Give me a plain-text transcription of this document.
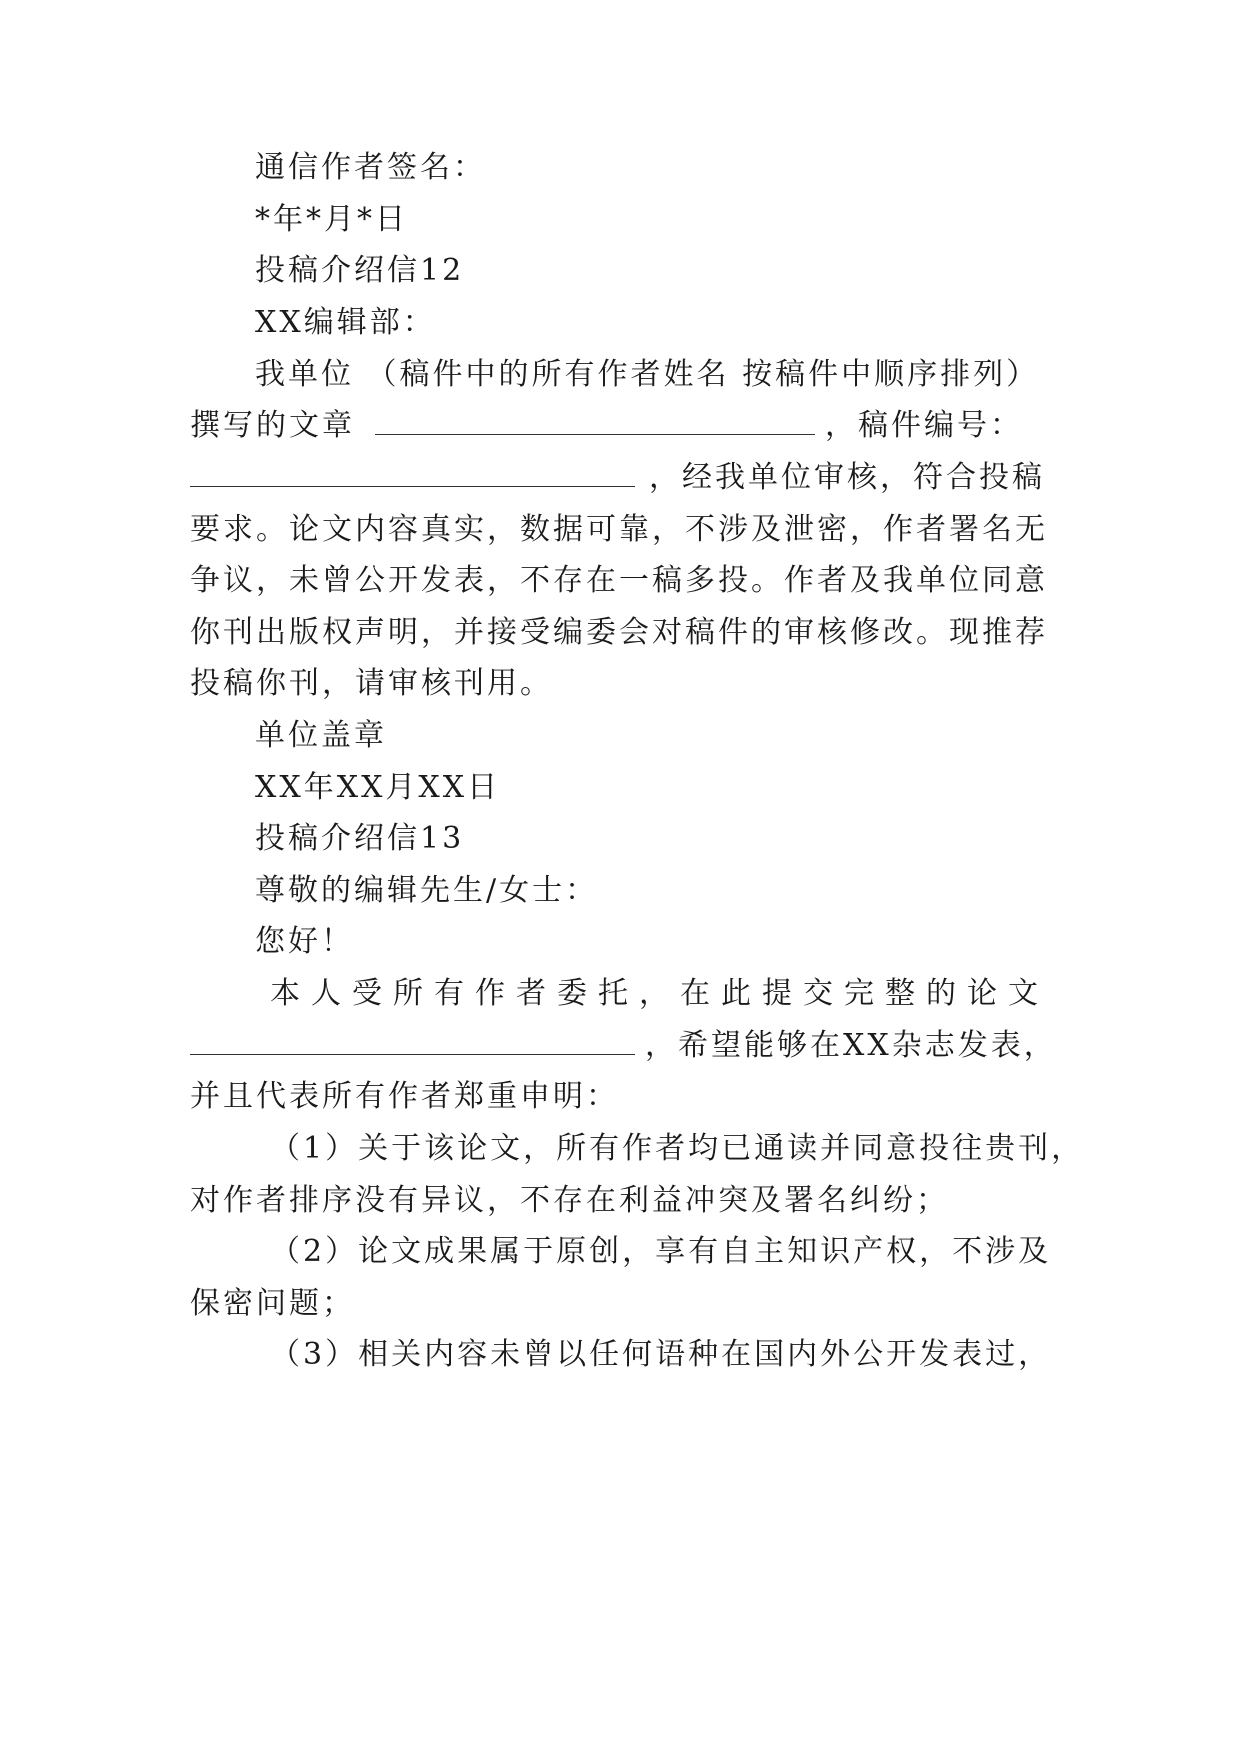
通信作者签名：
*年*月*日
投稿介绍信12
XX编辑部：
我单位 （稿件中的所有作者姓名 按稿件中顺序排列）
撰写的文章	，稿件编号：
，经我单位审核，符合投稿
要求。论文内容真实，数据可靠，不涉及泄密，作者署名无
争议，未曾公开发表，不存在一稿多投。作者及我单位同意
你刊出版权声明，并接受编委会对稿件的审核修改。现推荐
投稿你刊，请审核刊用。
单位盖章
XX年XX月XX日
投稿介绍信13
尊敬的编辑先生/女士：
您好！
本人受所有作者委托，在此提交完整的论文
，希望能够在XX杂志发表，
并且代表所有作者郑重申明：
（1）关于该论文，所有作者均已通读并同意投往贵刊，
对作者排序没有异议，不存在利益冲突及署名纠纷；
（2）论文成果属于原创，享有自主知识产权，不涉及
保密问题；
（3）相关内容未曾以任何语种在国内外公开发表过，
